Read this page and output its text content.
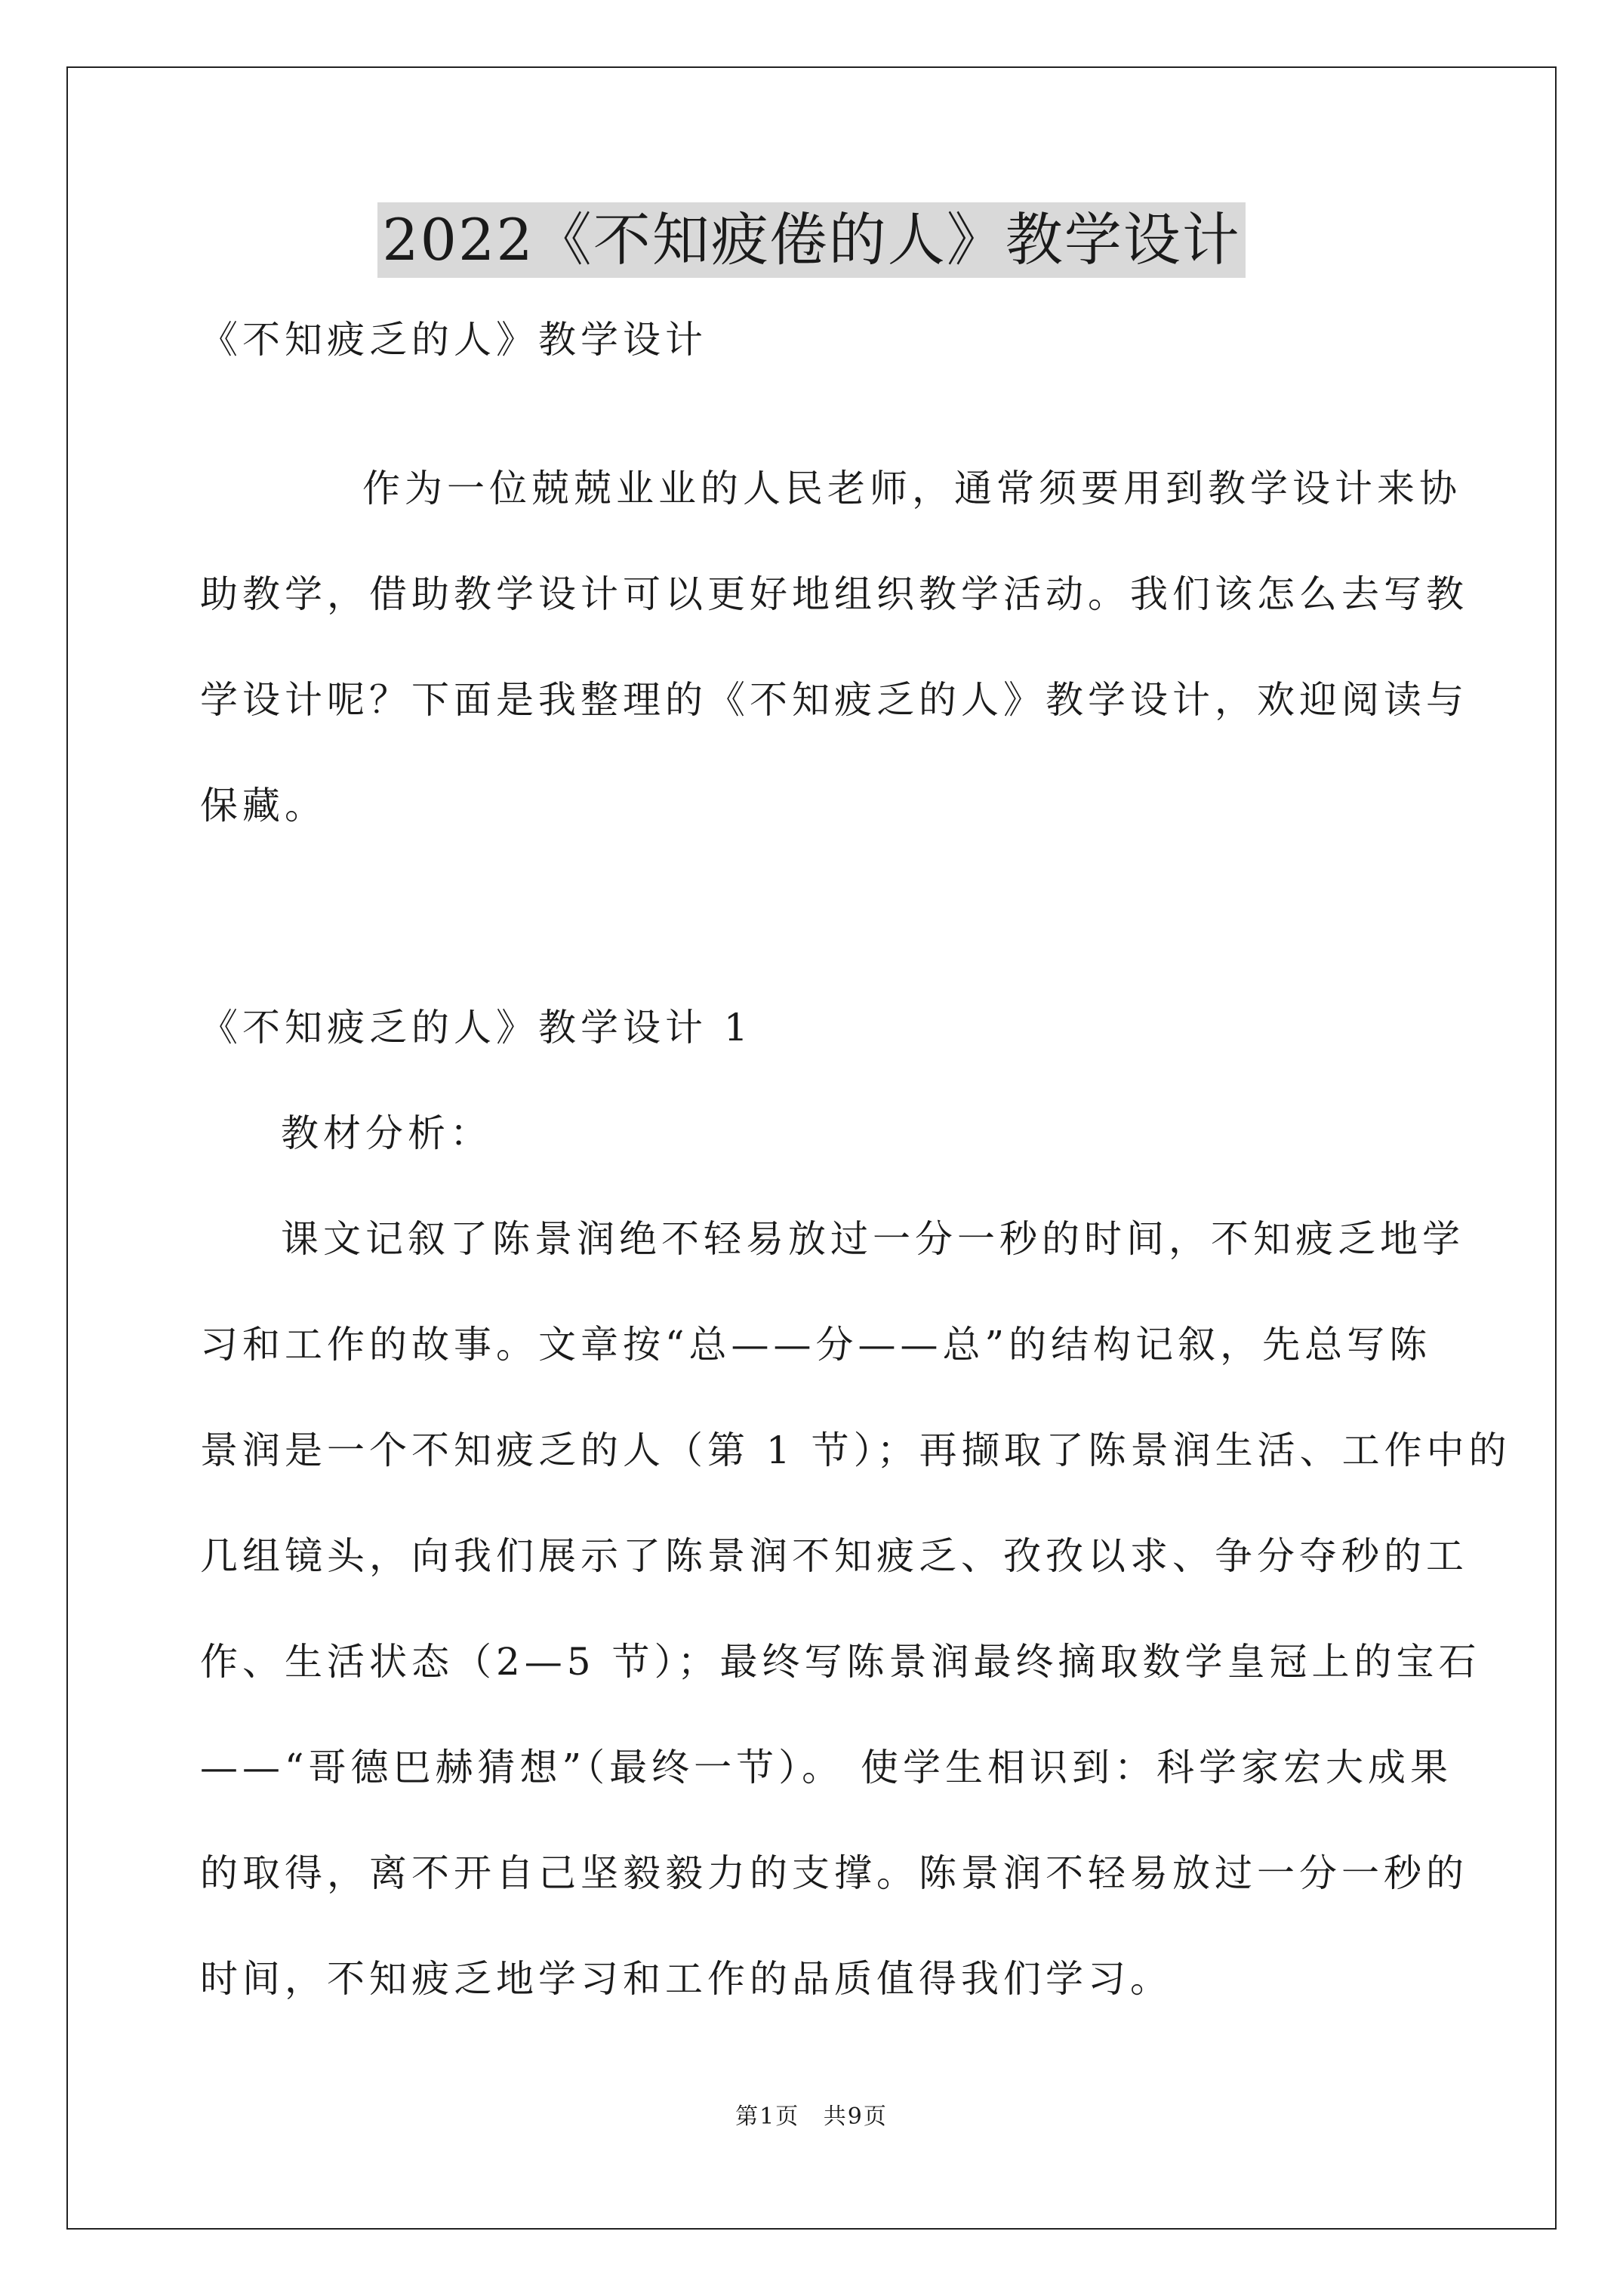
2022《不知疲倦的人》教学设计
《不知疲乏的人》教学设计
作为一位兢兢业业的人民老师，通常须要用到教学设计来协
助教学，借助教学设计可以更好地组织教学活动。我们该怎么去写教
学设计呢？下面是我整理的《不知疲乏的人》教学设计，欢迎阅读与
保藏。
《不知疲乏的人》教学设计 1
教材分析：
课文记叙了陈景润绝不轻易放过一分一秒的时间，不知疲乏地学
习和工作的故事。文章按“总——分——总”的结构记叙，先总写陈
景润是一个不知疲乏的人（第 1 节）；再撷取了陈景润生活、工作中的
几组镜头，向我们展示了陈景润不知疲乏、孜孜以求、争分夺秒的工
作、生活状态（2—5 节）；最终写陈景润最终摘取数学皇冠上的宝石
——“哥德巴赫猜想”（最终一节）。 使学生相识到：科学家宏大成果
的取得，离不开自己坚毅毅力的支撑。陈景润不轻易放过一分一秒的
时间，不知疲乏地学习和工作的品质值得我们学习。
第1页 共9页
